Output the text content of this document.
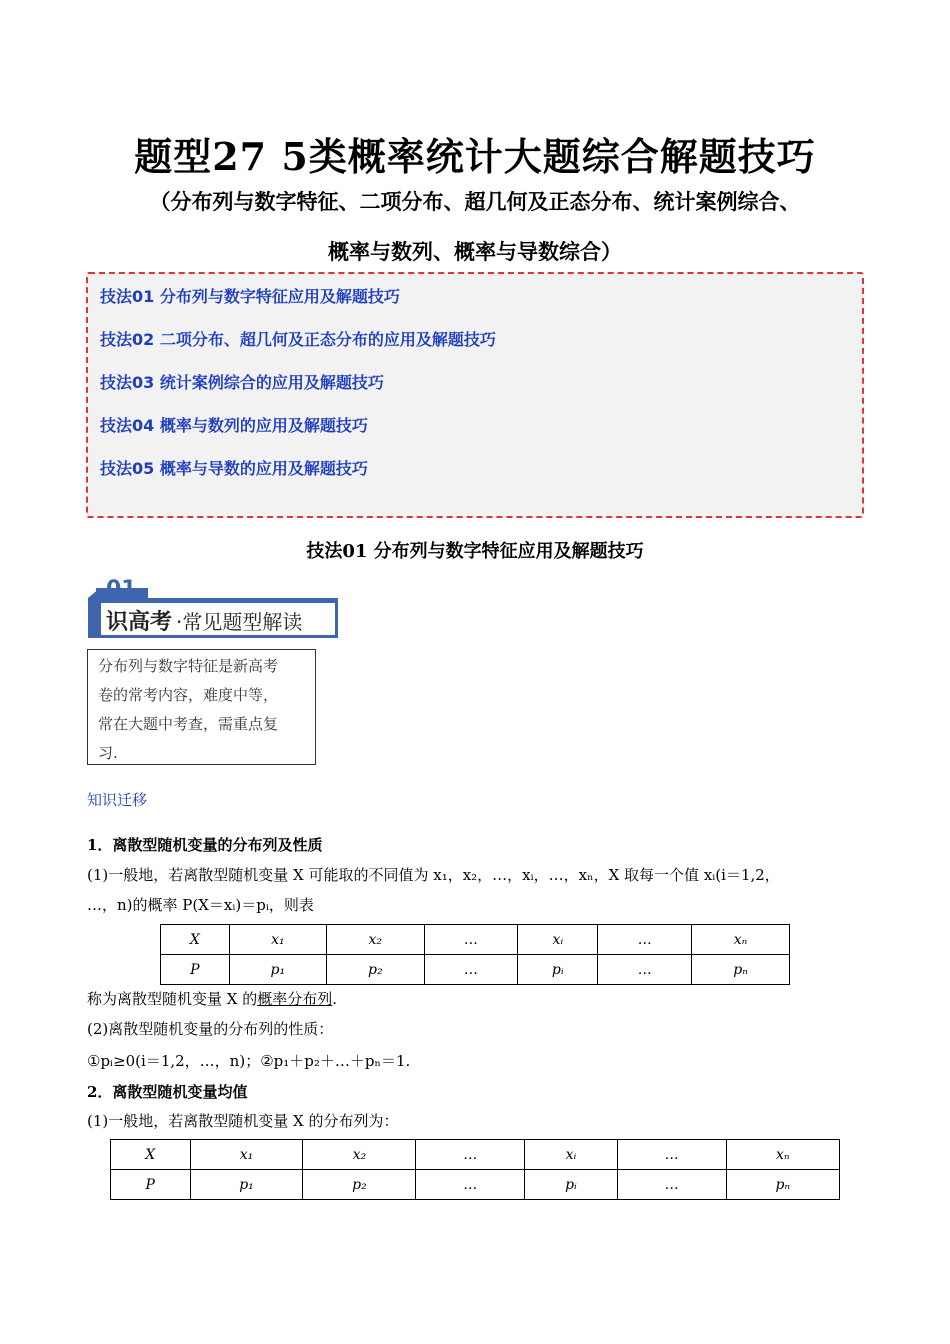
题型27 5类概率统计大题综合解题技巧
（分布列与数字特征、二项分布、超几何及正态分布、统计案例综合、
概率与数列、概率与导数综合）
技法01 分布列与数字特征应用及解题技巧
技法02 二项分布、超几何及正态分布的应用及解题技巧
技法03 统计案例综合的应用及解题技巧
技法04 概率与数列的应用及解题技巧
技法05 概率与导数的应用及解题技巧
技法01 分布列与数字特征应用及解题技巧
01
识高考 ·常见题型解读
分布列与数字特征是新高考
卷的常考内容，难度中等，
常在大题中考查，需重点复
习.
知识迁移
1．离散型随机变量的分布列及性质
(1)一般地，若离散型随机变量 X 可能取的不同值为 x₁，x₂，…，xᵢ，…，xₙ，X 取每一个值 xᵢ(i＝1,2，
…，n)的概率 P(X＝xᵢ)＝pᵢ，则表
X	x₁	x₂	…	xᵢ	…	xₙ
P	p₁	p₂	…	pᵢ	…	pₙ
称为离散型随机变量 X 的概率分布列.
(2)离散型随机变量的分布列的性质：
①pᵢ≥0(i＝1,2，…，n)；②p₁＋p₂＋…＋pₙ＝1.
2．离散型随机变量均值
(1)一般地，若离散型随机变量 X 的分布列为：
X	x₁	x₂	…	xᵢ	…	xₙ
P	p₁	p₂	…	pᵢ	…	pₙ
